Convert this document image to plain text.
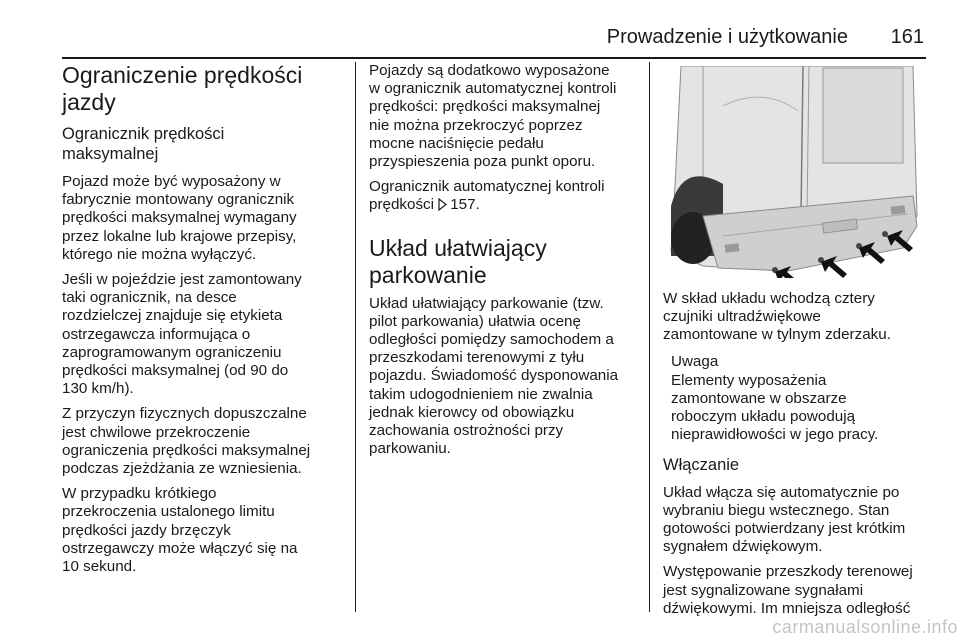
Prowadzenie i użytkowanie 161
Ograniczenie prędkości
jazdy
Ogranicznik prędkości
maksymalnej

Pojazd może być wyposażony w
fabrycznie montowany ogranicznik
prędkości maksymalnej wymagany
przez lokalne lub krajowe przepisy,
którego nie można wyłączyć.

Jeśli w pojeździe jest zamontowany
taki ogranicznik, na desce
rozdzielczej znajduje się etykieta
ostrzegawcza informująca o
zaprogramowanym ograniczeniu
prędkości maksymalnej (od 90 do
130 km/h).

Z przyczyn fizycznych dopuszczalne
jest chwilowe przekroczenie
ograniczenia prędkości maksymalnej
podczas zjeżdżania ze wzniesienia.

W przypadku krótkiego
przekroczenia ustalonego limitu
prędkości jazdy brzęczyk
ostrzegawczy może włączyć się na
10 sekund.

Pojazdy są dodatkowo wyposażone
w ogranicznik automatycznej kontroli
prędkości: prędkości maksymalnej
nie można przekroczyć poprzez
mocne naciśnięcie pedału
przyspieszenia poza punkt oporu.

Ogranicznik automatycznej kontroli
prędkości 157.

Układ ułatwiający
parkowanie

Układ ułatwiający parkowanie (tzw.
pilot parkowania) ułatwia ocenę
odległości pomiędzy samochodem a
przeszkodami terenowymi z tyłu
pojazdu. Świadomość dysponowania
takim udogodnieniem nie zwalnia
jednak kierowcy od obowiązku
zachowania ostrożności przy
parkowaniu.

W skład układu wchodzą cztery
czujniki ultradźwiękowe
zamontowane w tylnym zderzaku.

Uwaga

Elementy wyposażenia
zamontowane w obszarze
roboczym układu powodują
nieprawidłowości w jego pracy.

Włączanie

Układ włącza się automatycznie po
wybraniu biegu wstecznego. Stan
gotowości potwierdzany jest krótkim
sygnałem dźwiękowym.

Występowanie przeszkody terenowej
jest sygnalizowane sygnałami
dźwiękowymi. Im mniejsza odległość

carmanualsonline.info
